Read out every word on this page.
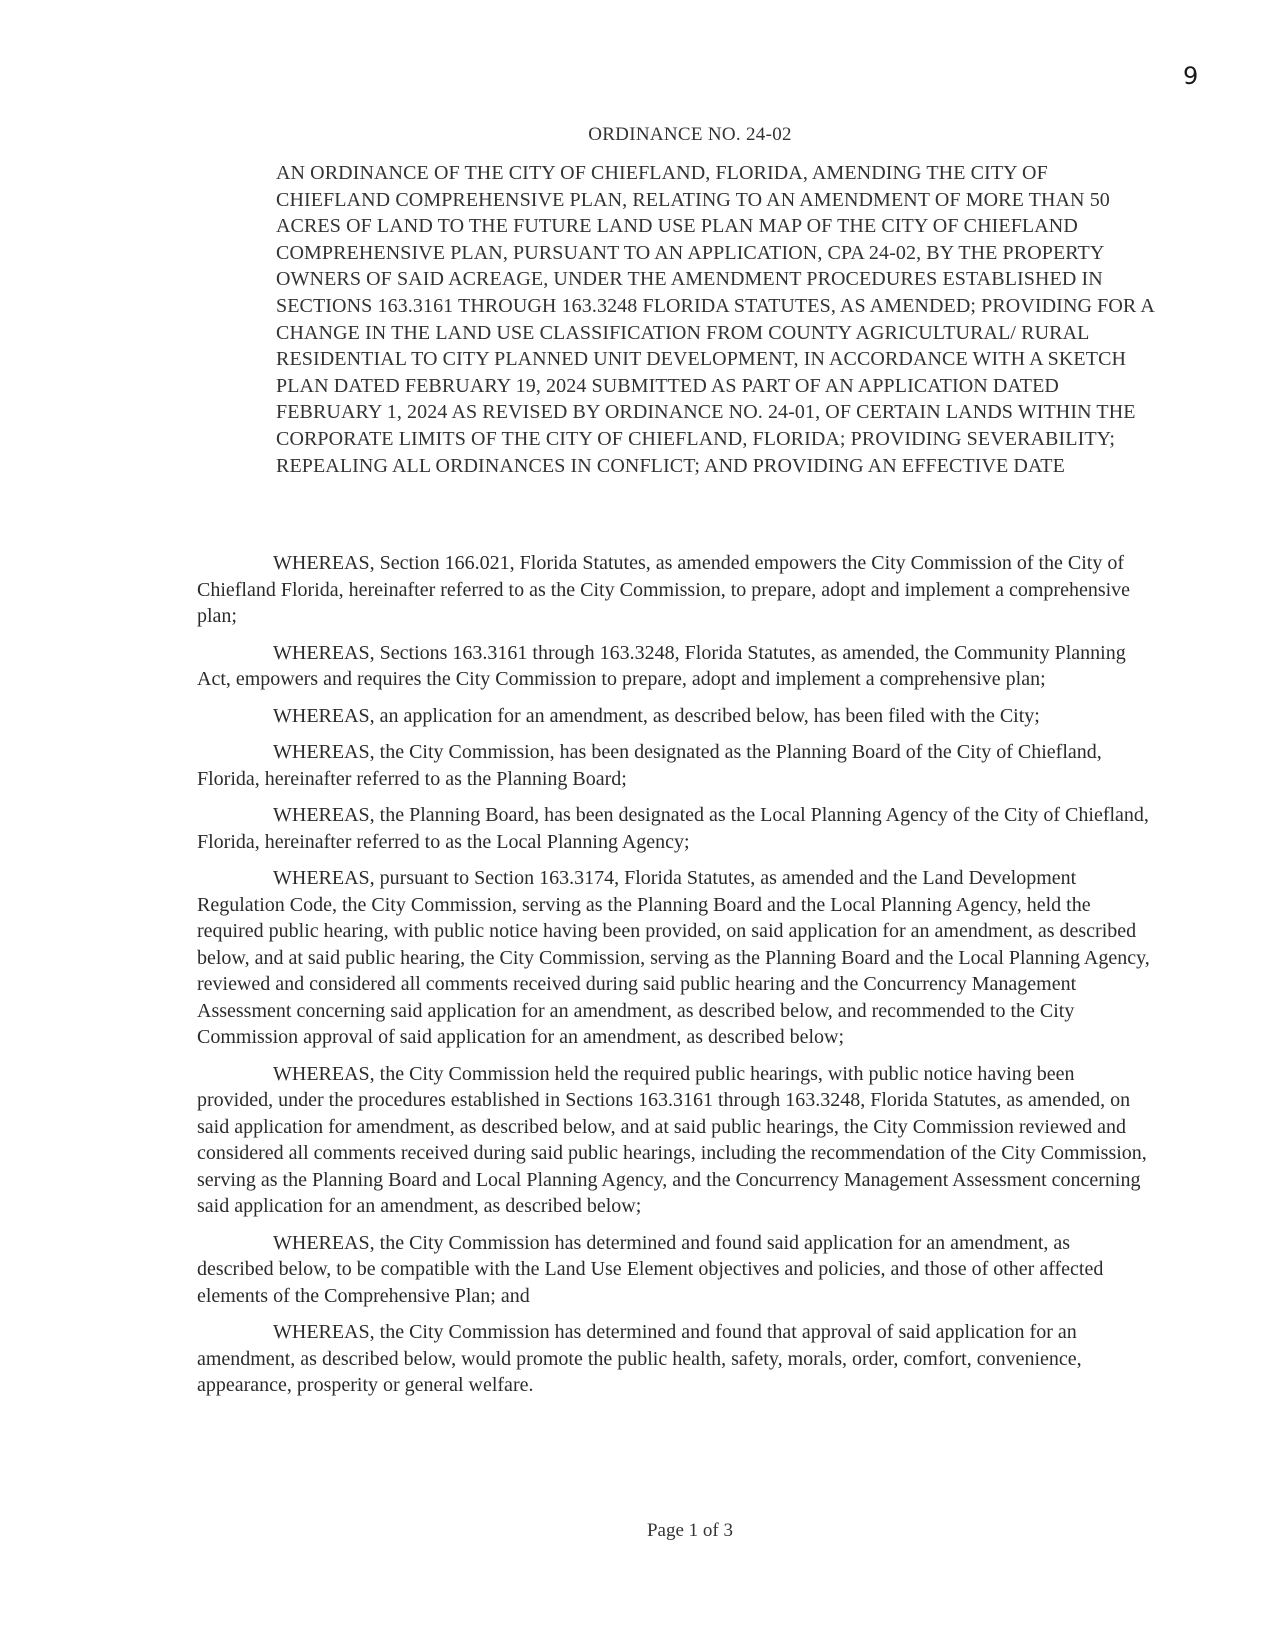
9
ORDINANCE NO. 24-02
AN ORDINANCE OF THE CITY OF CHIEFLAND, FLORIDA, AMENDING THE CITY OF CHIEFLAND COMPREHENSIVE PLAN, RELATING TO AN AMENDMENT OF MORE THAN 50 ACRES OF LAND TO THE FUTURE LAND USE PLAN MAP OF THE CITY OF CHIEFLAND COMPREHENSIVE PLAN, PURSUANT TO AN APPLICATION, CPA 24-02, BY THE PROPERTY OWNERS OF SAID ACREAGE, UNDER THE AMENDMENT PROCEDURES ESTABLISHED IN SECTIONS 163.3161 THROUGH 163.3248 FLORIDA STATUTES, AS AMENDED; PROVIDING FOR A CHANGE IN THE LAND USE CLASSIFICATION FROM COUNTY AGRICULTURAL/ RURAL RESIDENTIAL TO CITY PLANNED UNIT DEVELOPMENT, IN ACCORDANCE WITH A SKETCH PLAN DATED FEBRUARY 19, 2024 SUBMITTED AS PART OF AN APPLICATION DATED FEBRUARY 1, 2024 AS REVISED BY ORDINANCE NO. 24-01, OF CERTAIN LANDS WITHIN THE CORPORATE LIMITS OF THE CITY OF CHIEFLAND, FLORIDA; PROVIDING SEVERABILITY; REPEALING ALL ORDINANCES IN CONFLICT; AND PROVIDING AN EFFECTIVE DATE

WHEREAS, Section 166.021, Florida Statutes, as amended empowers the City Commission of the City of Chiefland Florida, hereinafter referred to as the City Commission, to prepare, adopt and implement a comprehensive plan;

WHEREAS, Sections 163.3161 through 163.3248, Florida Statutes, as amended, the Community Planning Act, empowers and requires the City Commission to prepare, adopt and implement a comprehensive plan;

WHEREAS, an application for an amendment, as described below, has been filed with the City;

WHEREAS, the City Commission, has been designated as the Planning Board of the City of Chiefland, Florida, hereinafter referred to as the Planning Board;

WHEREAS, the Planning Board, has been designated as the Local Planning Agency of the City of Chiefland, Florida, hereinafter referred to as the Local Planning Agency;

WHEREAS, pursuant to Section 163.3174, Florida Statutes, as amended and the Land Development Regulation Code, the City Commission, serving as the Planning Board and the Local Planning Agency, held the required public hearing, with public notice having been provided, on said application for an amendment, as described below, and at said public hearing, the City Commission, serving as the Planning Board and the Local Planning Agency, reviewed and considered all comments received during said public hearing and the Concurrency Management Assessment concerning said application for an amendment, as described below, and recommended to the City Commission approval of said application for an amendment, as described below;

WHEREAS, the City Commission held the required public hearings, with public notice having been provided, under the procedures established in Sections 163.3161 through 163.3248, Florida Statutes, as amended, on said application for amendment, as described below, and at said public hearings, the City Commission reviewed and considered all comments received during said public hearings, including the recommendation of the City Commission, serving as the Planning Board and Local Planning Agency, and the Concurrency Management Assessment concerning said application for an amendment, as described below;

WHEREAS, the City Commission has determined and found said application for an amendment, as described below, to be compatible with the Land Use Element objectives and policies, and those of other affected elements of the Comprehensive Plan; and

WHEREAS, the City Commission has determined and found that approval of said application for an amendment, as described below, would promote the public health, safety, morals, order, comfort, convenience, appearance, prosperity or general welfare.

Page 1 of 3
